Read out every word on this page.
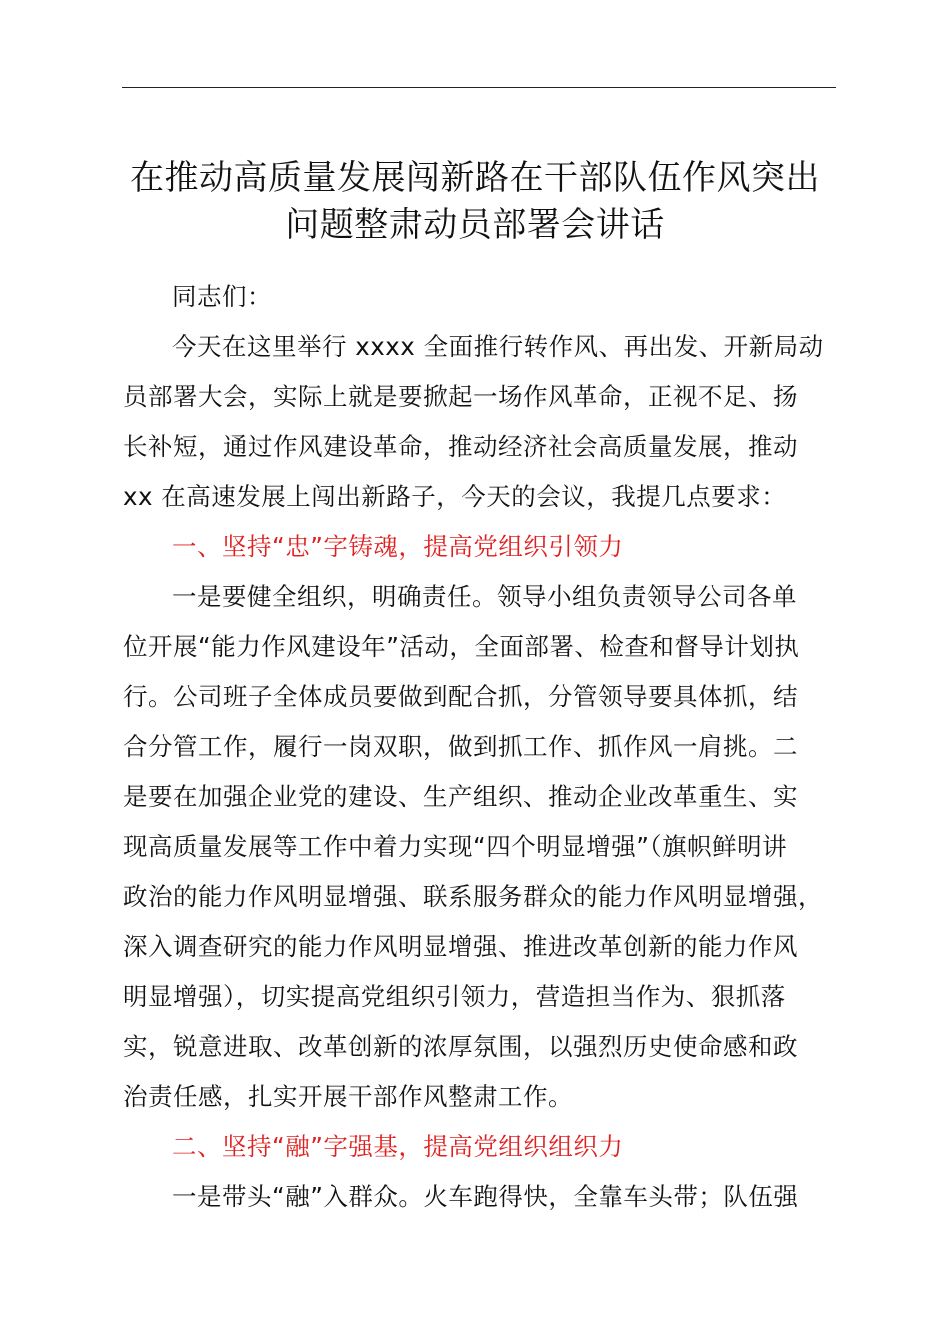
在推动高质量发展闯新路在干部队伍作风突出
问题整肃动员部署会讲话

同志们：

今天在这里举行 xxxx 全面推行转作风、再出发、开新局动
员部署大会，实际上就是要掀起一场作风革命，正视不足、扬
长补短，通过作风建设革命，推动经济社会高质量发展，推动
xx 在高速发展上闯出新路子，今天的会议，我提几点要求：
一、坚持“忠”字铸魂，提高党组织引领力
一是要健全组织，明确责任。领导小组负责领导公司各单
位开展“能力作风建设年”活动，全面部署、检查和督导计划执
行。公司班子全体成员要做到配合抓，分管领导要具体抓，结
合分管工作，履行一岗双职，做到抓工作、抓作风一肩挑。二
是要在加强企业党的建设、生产组织、推动企业改革重生、实
现高质量发展等工作中着力实现“四个明显增强”（旗帜鲜明讲
政治的能力作风明显增强、联系服务群众的能力作风明显增强，
深入调查研究的能力作风明显增强、推进改革创新的能力作风
明显增强），切实提高党组织引领力，营造担当作为、狠抓落
实，锐意进取、改革创新的浓厚氛围，以强烈历史使命感和政
治责任感，扎实开展干部作风整肃工作。
二、坚持“融”字强基，提高党组织组织力
一是带头“融”入群众。火车跑得快，全靠车头带；队伍强
